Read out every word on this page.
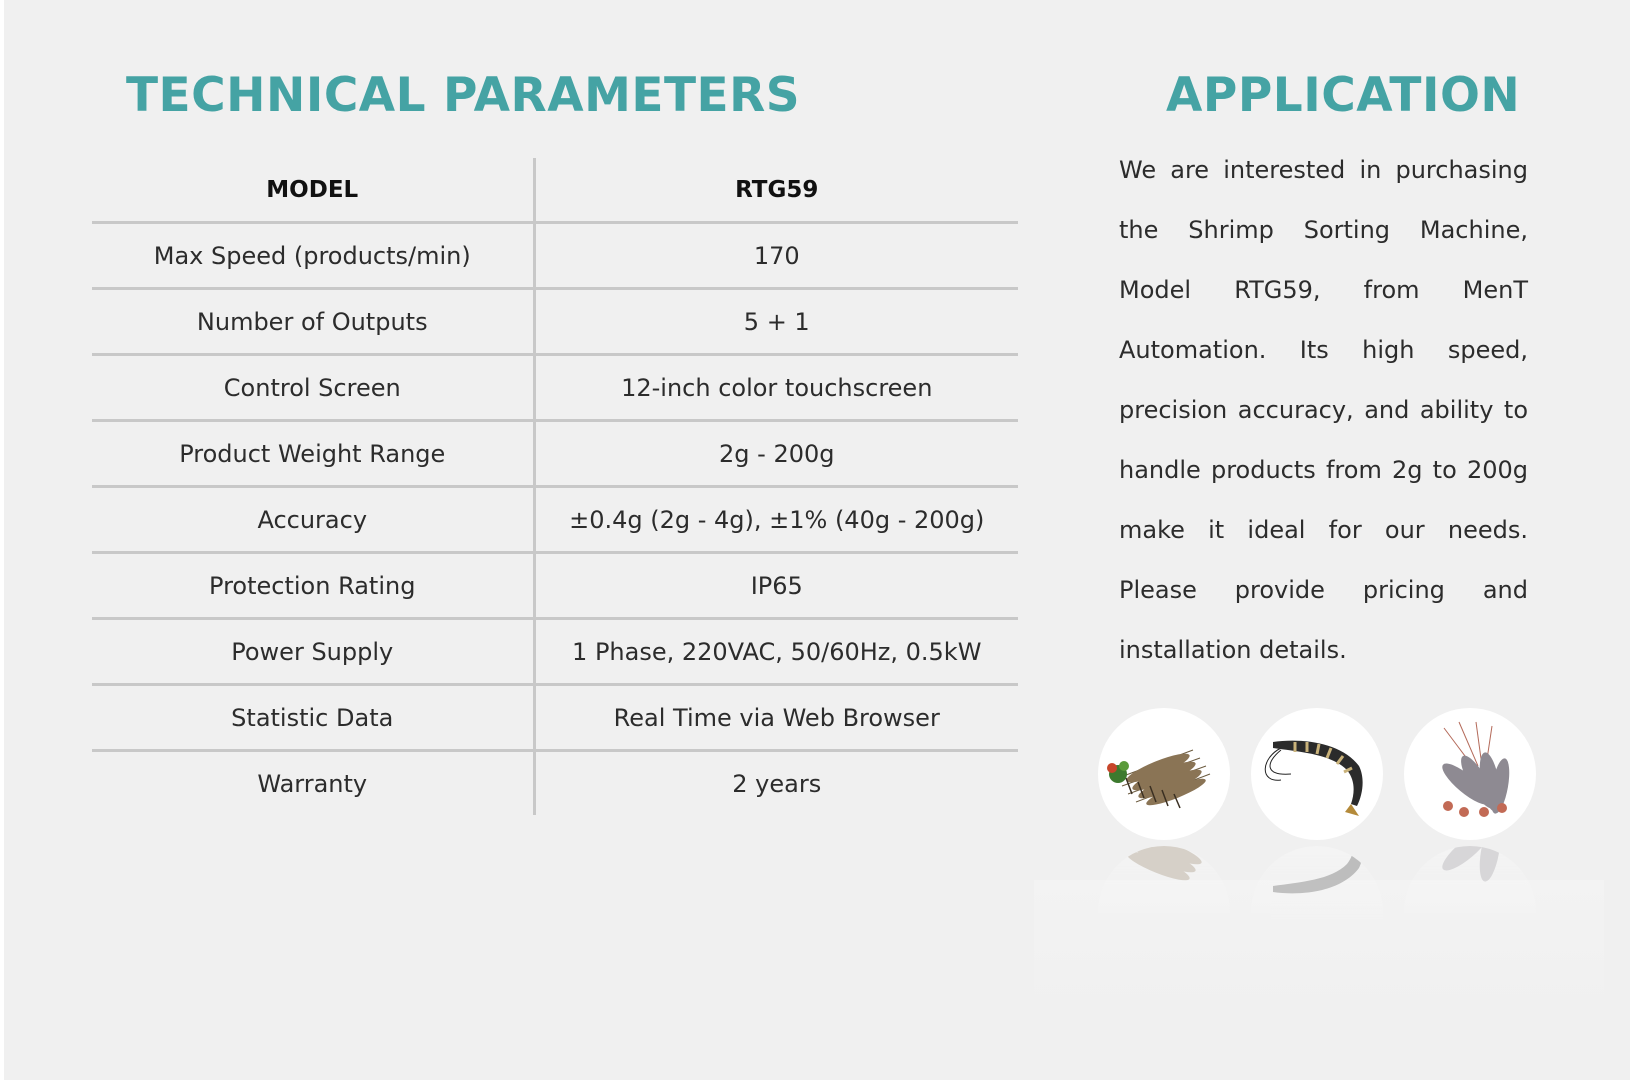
TECHNICAL PARAMETERS
MODEL	RTG59
Max Speed (products/min)	170
Number of Outputs	5 + 1
Control Screen	12-inch color touchscreen
Product Weight Range	2g - 200g
Accuracy	±0.4g (2g - 4g), ±1% (40g - 200g)
Protection Rating	IP65
Power Supply	1 Phase, 220VAC, 50/60Hz, 0.5kW
Statistic Data	Real Time via Web Browser
Warranty	2 years
APPLICATION

We are interested in purchasing the Shrimp Sorting Machine, Model RTG59, from MenT Automation. Its high speed, precision accuracy, and ability to handle products from 2g to 200g make it ideal for our needs. Please provide pricing and installation details.
